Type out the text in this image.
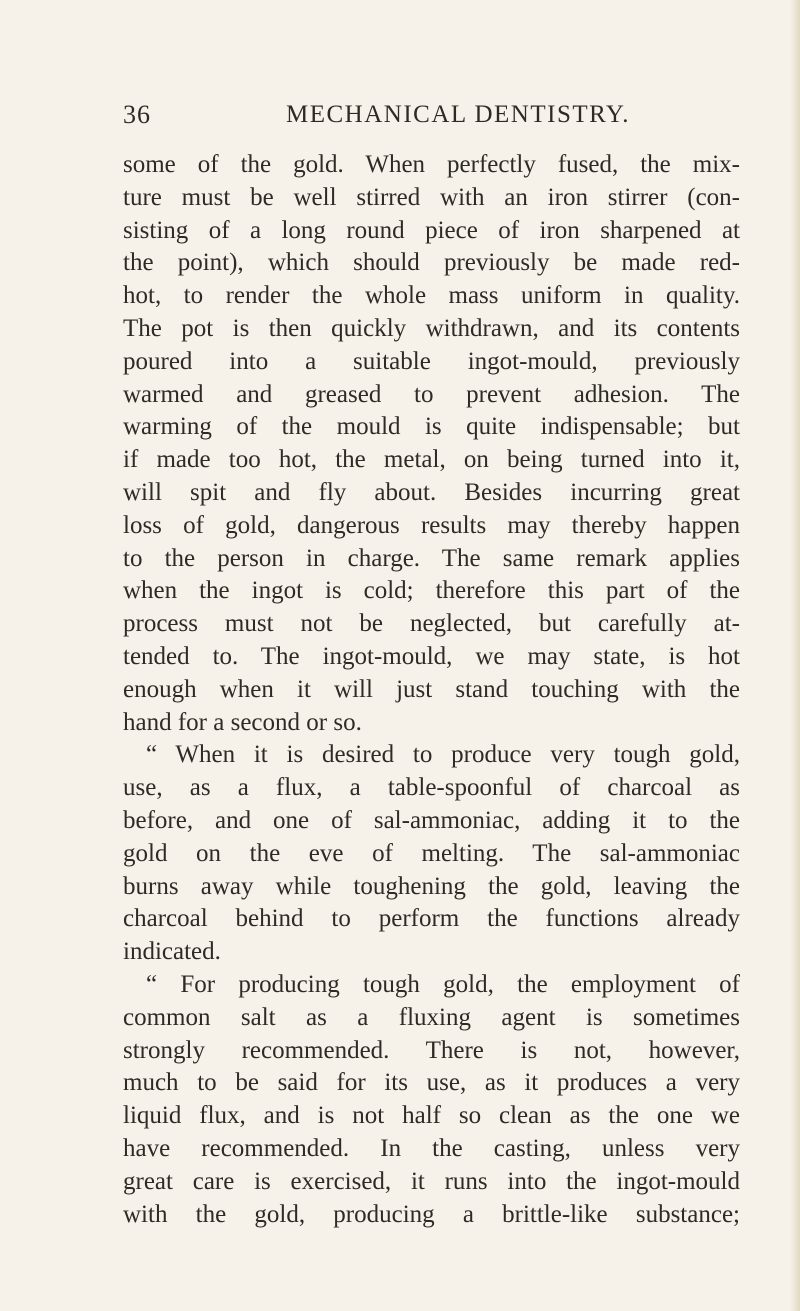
36	MECHANICAL DENTISTRY.
some of the gold. When perfectly fused, the mix-
ture must be well stirred with an iron stirrer (con-
sisting of a long round piece of iron sharpened at
the point), which should previously be made red-
hot, to render the whole mass uniform in quality.
The pot is then quickly withdrawn, and its contents
poured into a suitable ingot-mould, previously
warmed and greased to prevent adhesion. The
warming of the mould is quite indispensable; but
if made too hot, the metal, on being turned into it,
will spit and fly about. Besides incurring great
loss of gold, dangerous results may thereby happen
to the person in charge. The same remark applies
when the ingot is cold; therefore this part of the
process must not be neglected, but carefully at-
tended to. The ingot-mould, we may state, is hot
enough when it will just stand touching with the
hand for a second or so.
“ When it is desired to produce very tough gold,
use, as a flux, a table-spoonful of charcoal as
before, and one of sal-ammoniac, adding it to the
gold on the eve of melting. The sal-ammoniac
burns away while toughening the gold, leaving the
charcoal behind to perform the functions already
indicated.
“ For producing tough gold, the employment of
common salt as a fluxing agent is sometimes
strongly recommended. There is not, however,
much to be said for its use, as it produces a very
liquid flux, and is not half so clean as the one we
have recommended. In the casting, unless very
great care is exercised, it runs into the ingot-mould
with the gold, producing a brittle-like substance;
